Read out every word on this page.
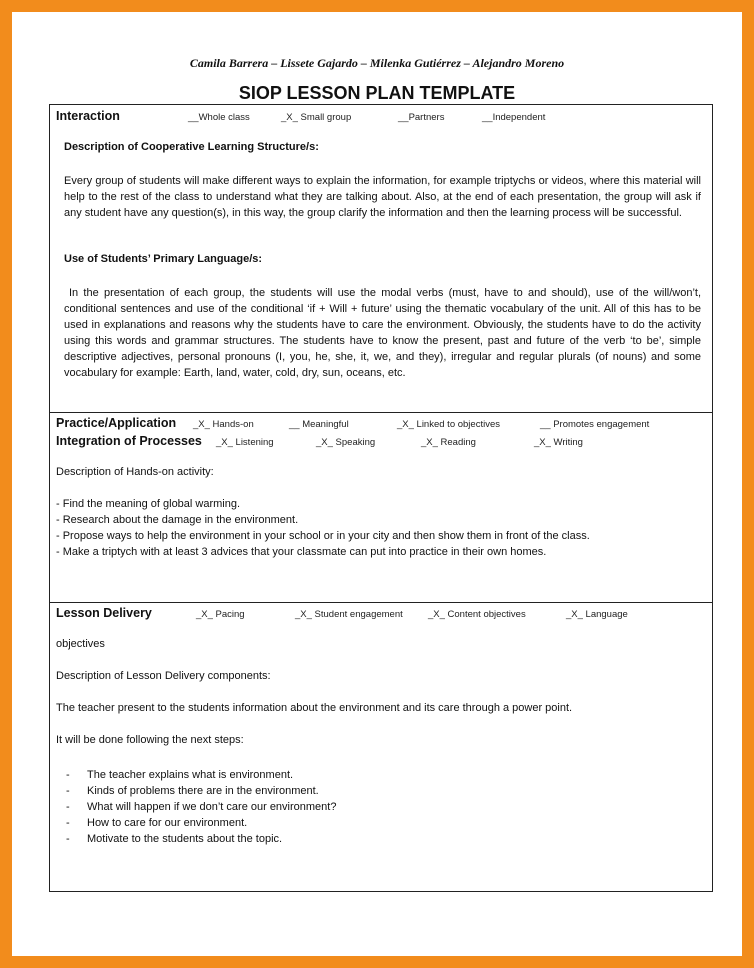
Camila Barrera – Lissete Gajardo – Milenka Gutiérrez – Alejandro Moreno
SIOP LESSON PLAN TEMPLATE
Interaction	__Whole class	_X_ Small group	__Partners	__Independent
Description of Cooperative Learning Structure/s:
Every group of students will make different ways to explain the information, for example triptychs or videos, where this material will help to the rest of the class to understand what they are talking about. Also, at the end of each presentation, the group will ask if any student have any question(s), in this way, the group clarify the information and then the learning process will be successful.
Use of Students’ Primary Language/s:
In the presentation of each group, the students will use the modal verbs (must, have to and should), use of the will/won’t, conditional sentences and use of the conditional ‘if + Will + future’ using the thematic vocabulary of the unit. All of this has to be used in explanations and reasons why the students have to care the environment. Obviously, the students have to do the activity using this words and grammar structures. The students have to know the present, past and future of the verb ‘to be’, simple descriptive adjectives, personal pronouns (I, you, he, she, it, we, and they), irregular and regular plurals (of nouns) and some vocabulary for example: Earth, land, water, cold, dry, sun, oceans, etc.
Practice/Application _X_ Hands-on	__ Meaningful	_X_ Linked to objectives	__ Promotes engagement
Integration of Processes _X_ Listening	_X_ Speaking	_X_ Reading	_X_ Writing
Description of Hands-on activity:
- Find the meaning of global warming.
- Research about the damage in the environment.
- Propose ways to help the environment in your school or in your city and then show them in front of the class.
- Make a triptych with at least 3 advices that your classmate can put into practice in their own homes.
Lesson Delivery	_X_ Pacing	_X_ Student engagement	_X_ Content objectives	_X_ Language
objectives
Description of Lesson Delivery components:
The teacher present to the students information about the environment and its care through a power point.
It will be done following the next steps:
- The teacher explains what is environment.
- Kinds of problems there are in the environment.
- What will happen if we don’t care our environment?
- How to care for our environment.
- Motivate to the students about the topic.
